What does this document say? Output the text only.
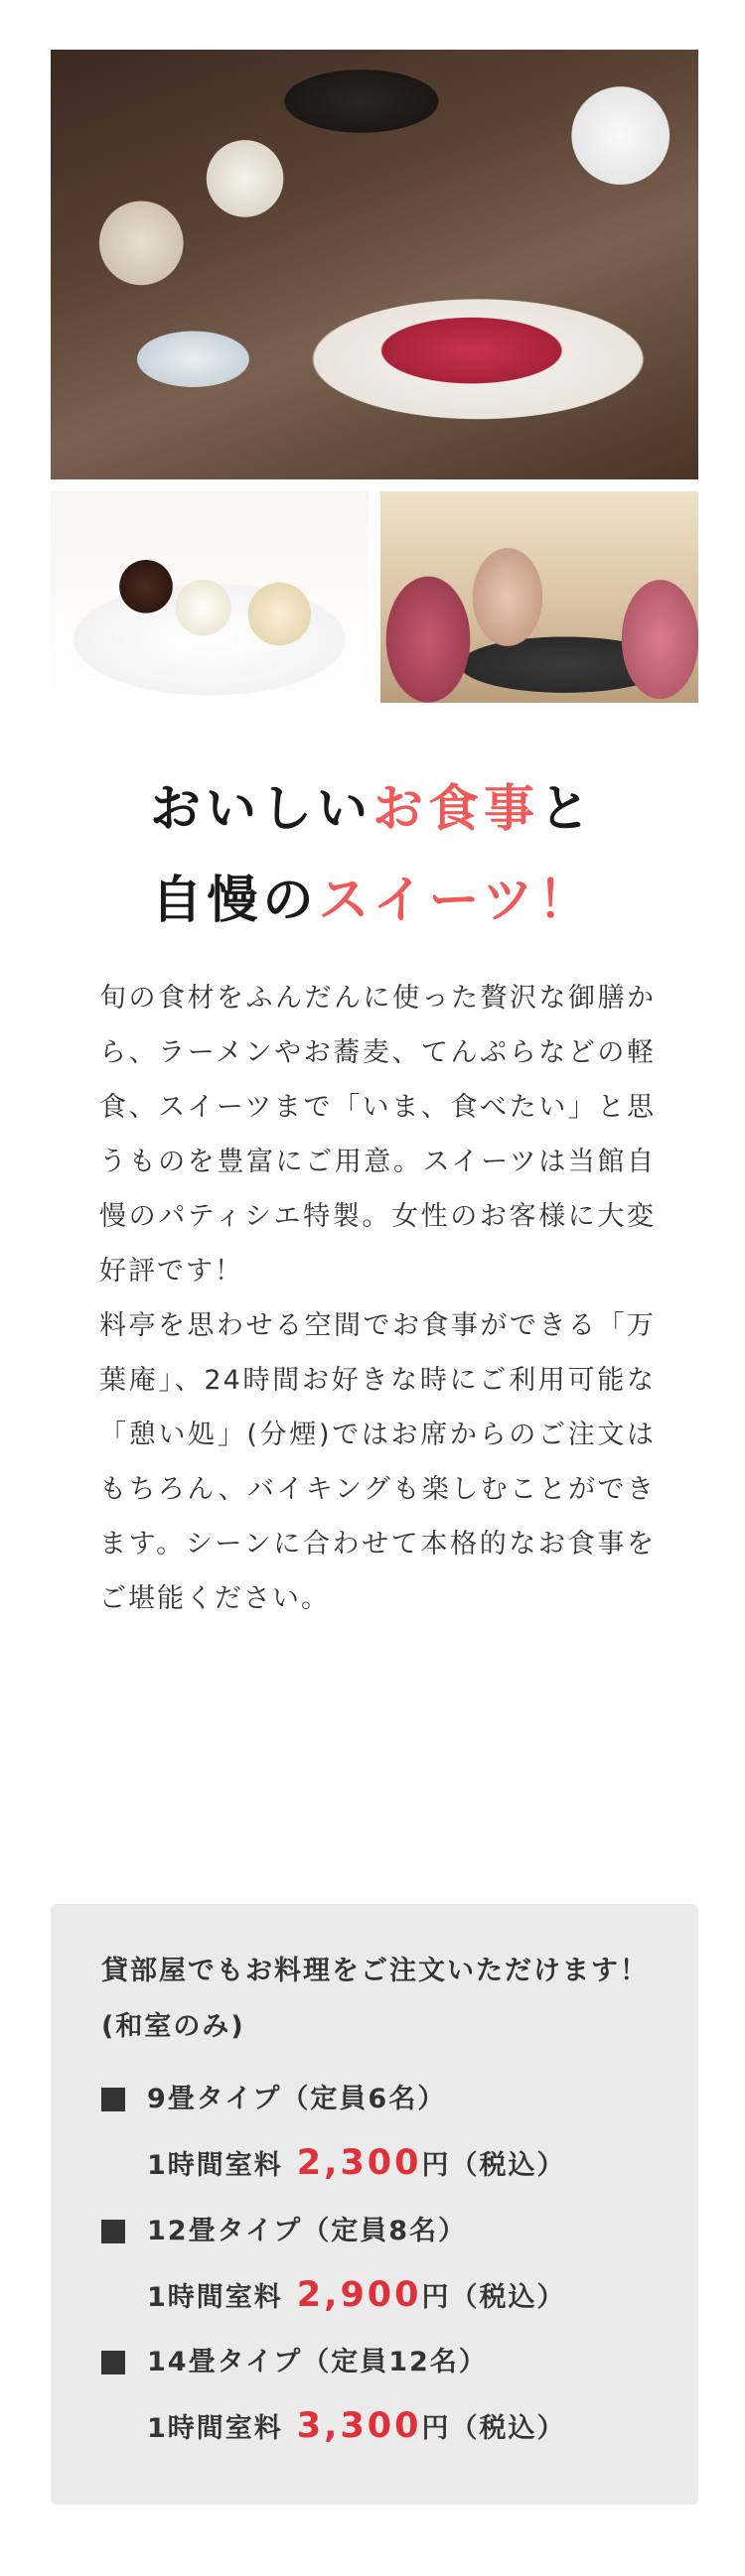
おいしいお食事と
自慢のスイーツ！

旬の食材をふんだんに使った贅沢な御膳から、ラーメンやお蕎麦、てんぷらなどの軽食、スイーツまで「いま、食べたい」と思うものを豊富にご用意。スイーツは当館自慢のパティシエ特製。女性のお客様に大変好評です！

料亭を思わせる空間でお食事ができる「万葉庵」、24時間お好きな時にご利用可能な「憩い処」(分煙)ではお席からのご注文はもちろん、バイキングも楽しむことができます。シーンに合わせて本格的なお食事をご堪能ください。

貸部屋でもお料理をご注文いただけます！(和室のみ)
9畳タイプ（定員6名）
1時間室料 2,300円（税込）
12畳タイプ（定員8名）
1時間室料 2,900円（税込）
14畳タイプ（定員12名）
1時間室料 3,300円（税込）
